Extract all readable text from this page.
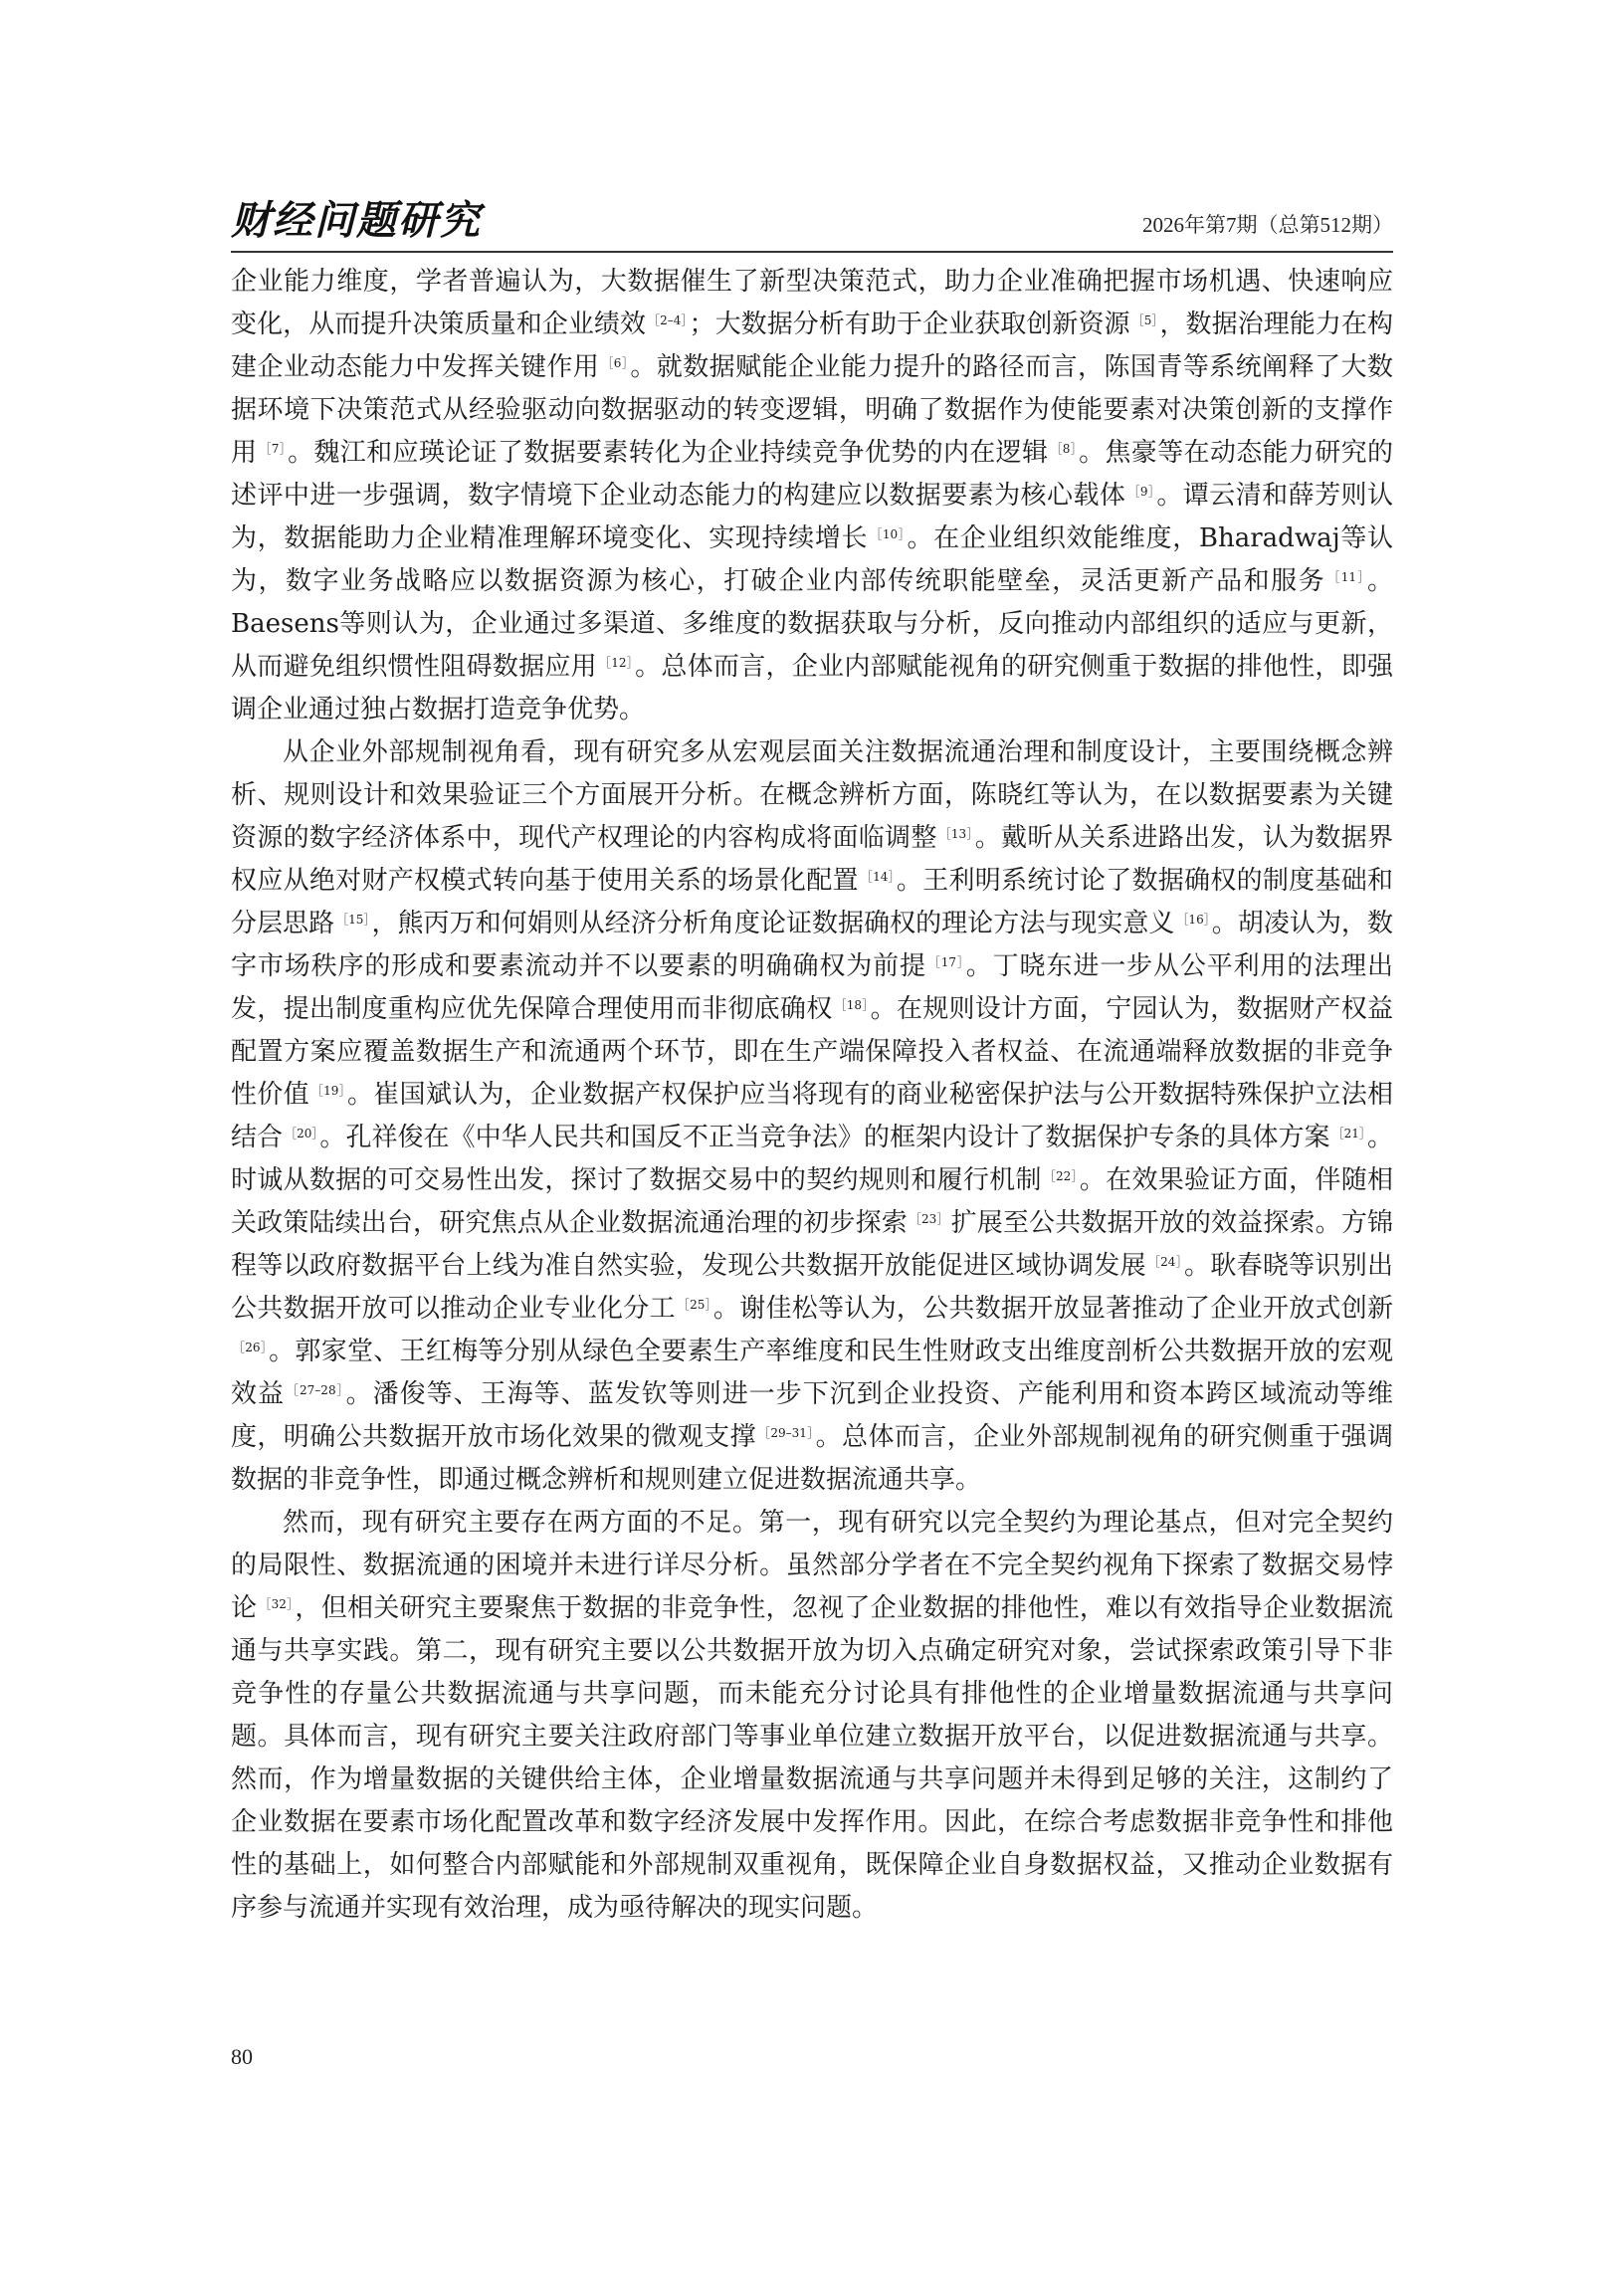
财经问题研究	2026年第7期（总第512期）

企业能力维度，学者普遍认为，大数据催生了新型决策范式，助力企业准确把握市场机遇、快速响应变化，从而提升决策质量和企业绩效 $^{[2-4]}$；大数据分析有助于企业获取创新资源 $^{[5]}$，数据治理能力在构建企业动态能力中发挥关键作用 $^{[6]}$。就数据赋能企业能力提升的路径而言，陈国青等系统阐释了大数据环境下决策范式从经验驱动向数据驱动的转变逻辑，明确了数据作为使能要素对决策创新的支撑作用 $^{[7]}$。魏江和应瑛论证了数据要素转化为企业持续竞争优势的内在逻辑 $^{[8]}$。焦豪等在动态能力研究的述评中进一步强调，数字情境下企业动态能力的构建应以数据要素为核心载体 $^{[9]}$。谭云清和薛芳则认为，数据能助力企业精准理解环境变化、实现持续增长 $^{[10]}$。在企业组织效能维度，Bharadwaj等认为，数字业务战略应以数据资源为核心，打破企业内部传统职能壁垒，灵活更新产品和服务 $^{[11]}$。Baesens等则认为，企业通过多渠道、多维度的数据获取与分析，反向推动内部组织的适应与更新，从而避免组织惯性阻碍数据应用 $^{[12]}$。总体而言，企业内部赋能视角的研究侧重于数据的排他性，即强调企业通过独占数据打造竞争优势。

从企业外部规制视角看，现有研究多从宏观层面关注数据流通治理和制度设计，主要围绕概念辨析、规则设计和效果验证三个方面展开分析。在概念辨析方面，陈晓红等认为，在以数据要素为关键资源的数字经济体系中，现代产权理论的内容构成将面临调整 $^{[13]}$。戴昕从关系进路出发，认为数据界权应从绝对财产权模式转向基于使用关系的场景化配置 $^{[14]}$。王利明系统讨论了数据确权的制度基础和分层思路 $^{[15]}$，熊丙万和何娟则从经济分析角度论证数据确权的理论方法与现实意义 $^{[16]}$。胡凌认为，数字市场秩序的形成和要素流动并不以要素的明确确权为前提 $^{[17]}$。丁晓东进一步从公平利用的法理出发，提出制度重构应优先保障合理使用而非彻底确权 $^{[18]}$。在规则设计方面，宁园认为，数据财产权益配置方案应覆盖数据生产和流通两个环节，即在生产端保障投入者权益、在流通端释放数据的非竞争性价值 $^{[19]}$。崔国斌认为，企业数据产权保护应当将现有的商业秘密保护法与公开数据特殊保护立法相结合 $^{[20]}$。孔祥俊在《中华人民共和国反不正当竞争法》的框架内设计了数据保护专条的具体方案 $^{[21]}$。时诚从数据的可交易性出发，探讨了数据交易中的契约规则和履行机制 $^{[22]}$。在效果验证方面，伴随相关政策陆续出台，研究焦点从企业数据流通治理的初步探索 $^{[23]}$扩展至公共数据开放的效益探索。方锦程等以政府数据平台上线为准自然实验，发现公共数据开放能促进区域协调发展 $^{[24]}$。耿春晓等识别出公共数据开放可以推动企业专业化分工 $^{[25]}$。谢佳松等认为，公共数据开放显著推动了企业开放式创新$^{[26]}$。郭家堂、王红梅等分别从绿色全要素生产率维度和民生性财政支出维度剖析公共数据开放的宏观效益 $^{[27-28]}$。潘俊等、王海等、蓝发钦等则进一步下沉到企业投资、产能利用和资本跨区域流动等维度，明确公共数据开放市场化效果的微观支撑 $^{[29-31]}$。总体而言，企业外部规制视角的研究侧重于强调数据的非竞争性，即通过概念辨析和规则建立促进数据流通共享。

然而，现有研究主要存在两方面的不足。第一，现有研究以完全契约为理论基点，但对完全契约的局限性、数据流通的困境并未进行详尽分析。虽然部分学者在不完全契约视角下探索了数据交易悖论 $^{[32]}$，但相关研究主要聚焦于数据的非竞争性，忽视了企业数据的排他性，难以有效指导企业数据流通与共享实践。第二，现有研究主要以公共数据开放为切入点确定研究对象，尝试探索政策引导下非竞争性的存量公共数据流通与共享问题，而未能充分讨论具有排他性的企业增量数据流通与共享问题。具体而言，现有研究主要关注政府部门等事业单位建立数据开放平台，以促进数据流通与共享。然而，作为增量数据的关键供给主体，企业增量数据流通与共享问题并未得到足够的关注，这制约了企业数据在要素市场化配置改革和数字经济发展中发挥作用。因此，在综合考虑数据非竞争性和排他性的基础上，如何整合内部赋能和外部规制双重视角，既保障企业自身数据权益，又推动企业数据有序参与流通并实现有效治理，成为亟待解决的现实问题。

80
